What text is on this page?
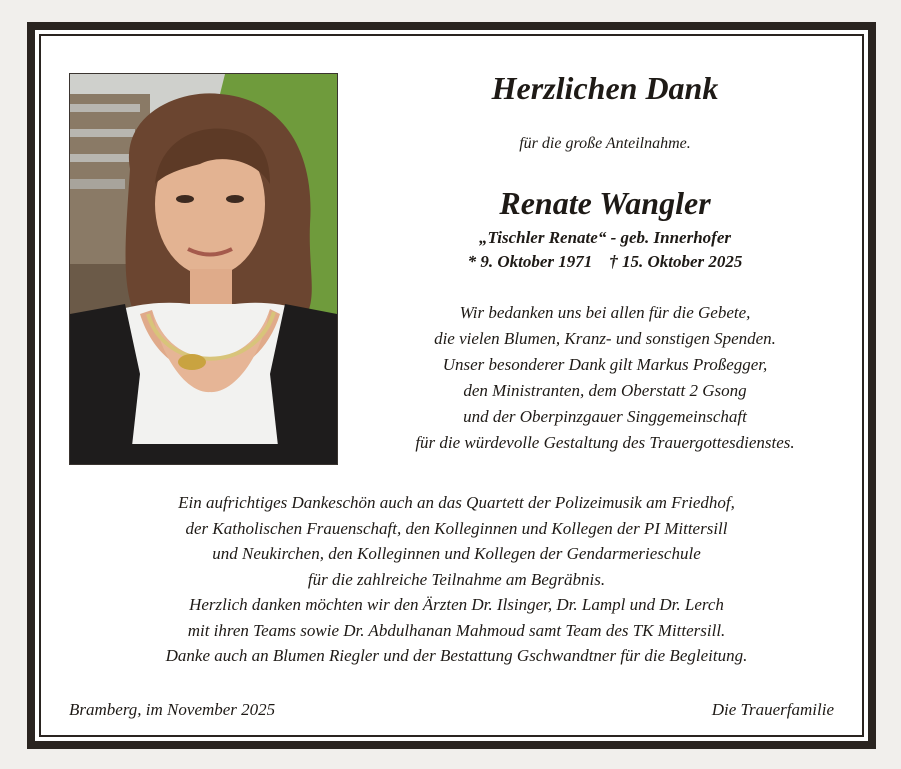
Herzlichen Dank
für die große Anteilnahme.
Renate Wangler
„Tischler Renate“ - geb. Innerhofer
* 9. Oktober 1971    † 15. Oktober 2025
Wir bedanken uns bei allen für die Gebete,
die vielen Blumen, Kranz- und sonstigen Spenden.
Unser besonderer Dank gilt Markus Proßegger,
den Ministranten, dem Oberstatt 2 Gsong
und der Oberpinzgauer Singgemeinschaft
für die würdevolle Gestaltung des Trauergottesdienstes.
Ein aufrichtiges Dankeschön auch an das Quartett der Polizeimusik am Friedhof,
der Katholischen Frauenschaft, den Kolleginnen und Kollegen der PI Mittersill
und Neukirchen, den Kolleginnen und Kollegen der Gendarmerieschule
für die zahlreiche Teilnahme am Begräbnis.
Herzlich danken möchten wir den Ärzten Dr. Ilsinger, Dr. Lampl und Dr. Lerch
mit ihren Teams sowie Dr. Abdulhanan Mahmoud samt Team des TK Mittersill.
Danke auch an Blumen Riegler und der Bestattung Gschwandtner für die Begleitung.
Bramberg, im November 2025	Die Trauerfamilie
